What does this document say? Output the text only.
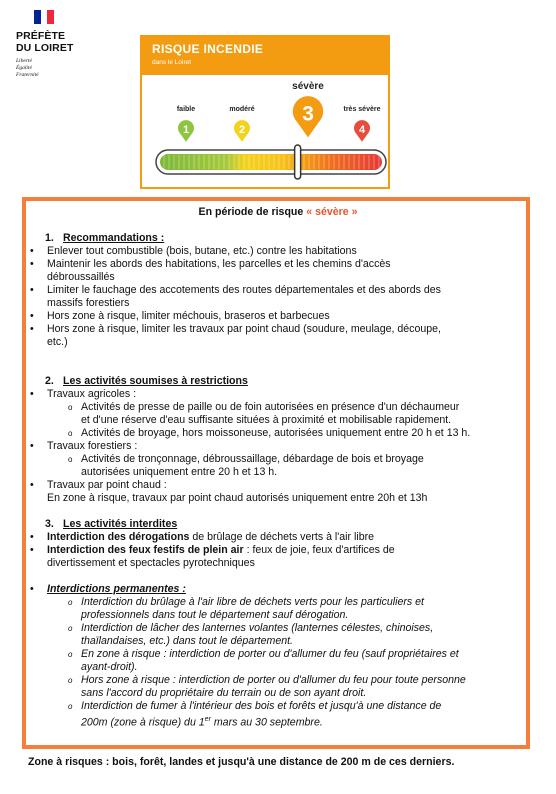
PRÉFÈTE
DU LOIRET
Liberté
Égalité
Fraternité
RISQUE INCENDIE
dans le Loiret
faible
1
modéré
2
sévère
3	très sévère
4
En période de risque « sévère »
1. Recommandations :
•	Enlever tout combustible (bois, butane, etc.) contre les habitations
•	Maintenir les abords des habitations, les parcelles et les chemins d'accès
débroussaillés
•	Limiter le fauchage des accotements des routes départementales et des abords des
massifs forestiers
•	Hors zone à risque, limiter méchouis, braseros et barbecues
•	Hors zone à risque, limiter les travaux par point chaud (soudure, meulage, découpe,
etc.)
2. Les activités soumises à restrictions
•	Travaux agricoles :
o Activités de presse de paille ou de foin autorisées en présence d'un déchaumeur
et d'une réserve d'eau suffisante situées à proximité et mobilisable rapidement.
o Activités de broyage, hors moissoneuse, autorisées uniquement entre 20 h et 13 h.
•	Travaux forestiers :
o Activités de tronçonnage, débroussaillage, débardage de bois et broyage
autorisées uniquement entre 20 h et 13 h.
•	Travaux par point chaud :
En zone à risque, travaux par point chaud autorisés uniquement entre 20h et 13h
3. Les activités interdites
•	Interdiction des dérogations de brûlage de déchets verts à l'air libre
•	Interdiction des feux festifs de plein air : feux de joie, feux d'artifices de
divertissement et spectacles pyrotechniques
•	Interdictions permanentes :
o Interdiction du brûlage à l'air libre de déchets verts pour les particuliers et
professionnels dans tout le département sauf dérogation.
o Interdiction de lâcher des lanternes volantes (lanternes célestes, chinoises,
thaïlandaises, etc.) dans tout le département.
o En zone à risque : interdiction de porter ou d'allumer du feu (sauf propriétaires et
ayant-droit).
o Hors zone à risque : interdiction de porter ou d'allumer du feu pour toute personne
sans l'accord du propriétaire du terrain ou de son ayant droit.
o Interdiction de fumer à l'intérieur des bois et forêts et jusqu'à une distance de
200m (zone à risque) du 1er mars au 30 septembre.
Zone à risques : bois, forêt, landes et jusqu'à une distance de 200 m de ces derniers.
